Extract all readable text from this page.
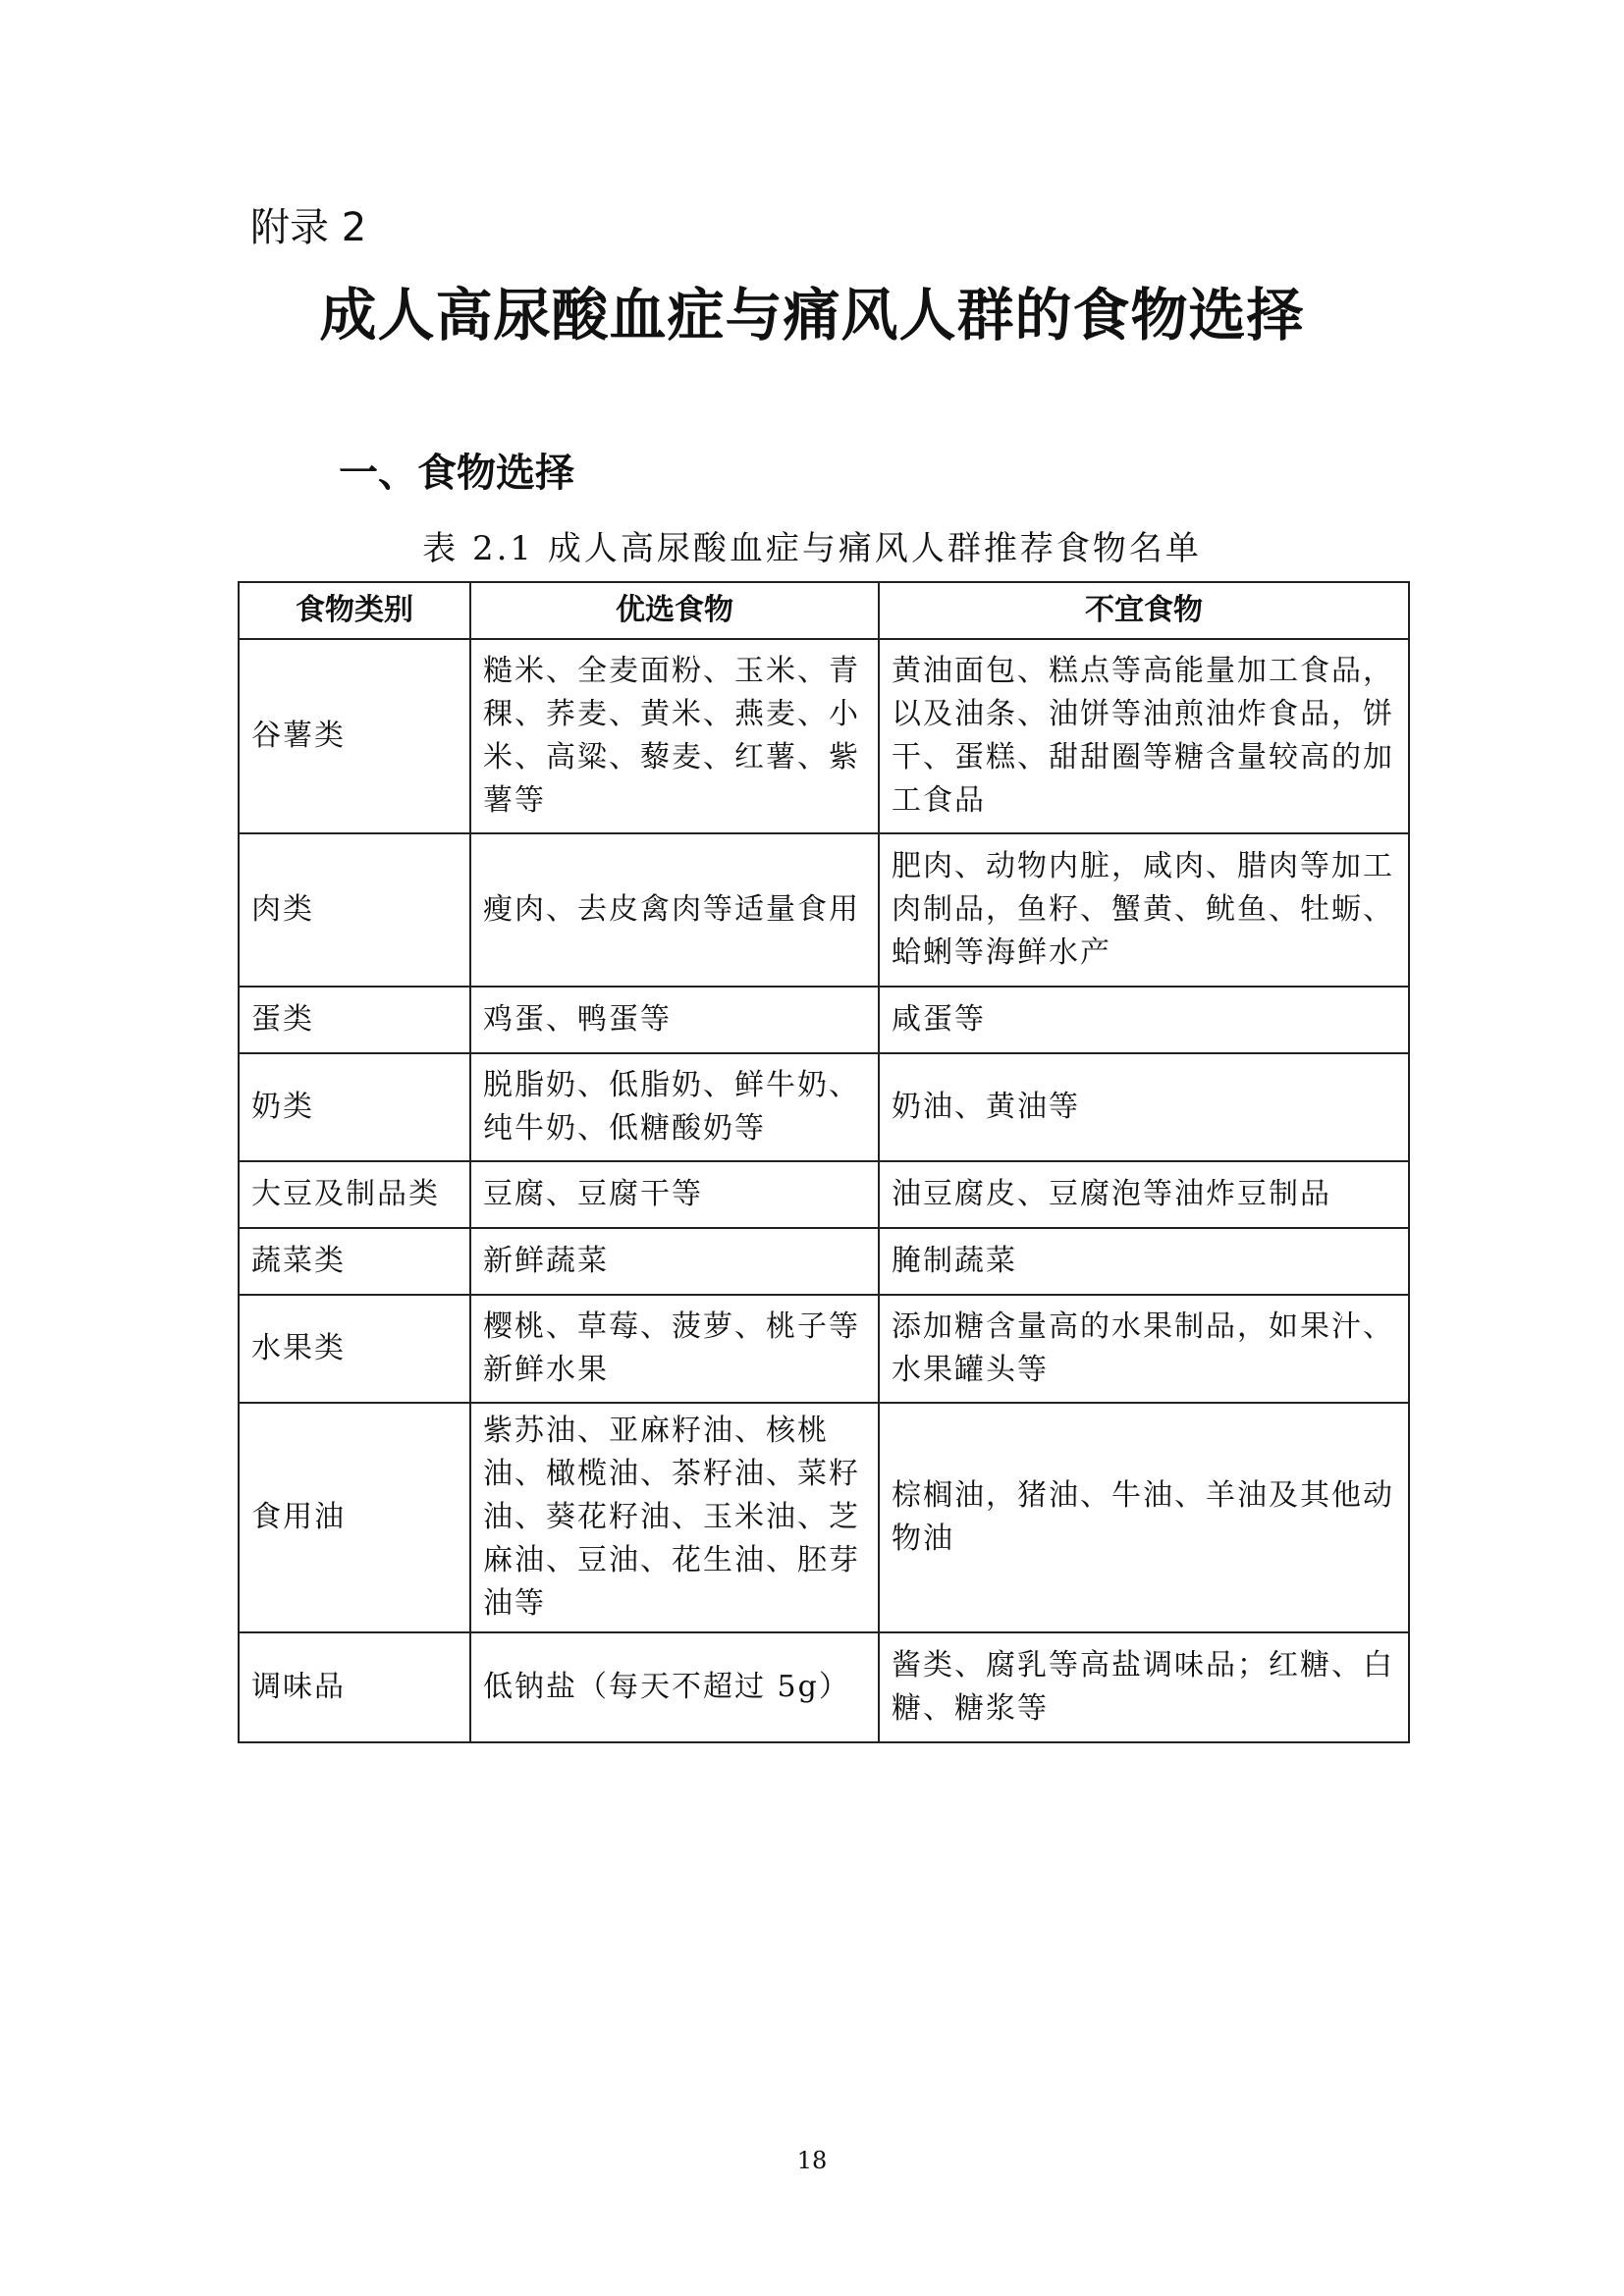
附录 2
成人高尿酸血症与痛风人群的食物选择
一、食物选择
表 2.1 成人高尿酸血症与痛风人群推荐食物名单
食物类别	优选食物	不宜食物
谷薯类	糙米、全麦面粉、玉米、青稞、荞麦、黄米、燕麦、小米、高粱、藜麦、红薯、紫薯等	黄油面包、糕点等高能量加工食品，以及油条、油饼等油煎油炸食品，饼干、蛋糕、甜甜圈等糖含量较高的加工食品
肉类	瘦肉、去皮禽肉等适量食用	肥肉、动物内脏，咸肉、腊肉等加工肉制品，鱼籽、蟹黄、鱿鱼、牡蛎、蛤蜊等海鲜水产
蛋类	鸡蛋、鸭蛋等	咸蛋等
奶类	脱脂奶、低脂奶、鲜牛奶、纯牛奶、低糖酸奶等	奶油、黄油等
大豆及制品类	豆腐、豆腐干等	油豆腐皮、豆腐泡等油炸豆制品
蔬菜类	新鲜蔬菜	腌制蔬菜
水果类	樱桃、草莓、菠萝、桃子等新鲜水果	添加糖含量高的水果制品，如果汁、水果罐头等
食用油	紫苏油、亚麻籽油、核桃油、橄榄油、茶籽油、菜籽油、葵花籽油、玉米油、芝麻油、豆油、花生油、胚芽油等	棕榈油，猪油、牛油、羊油及其他动物油
调味品	低钠盐（每天不超过 5g）	酱类、腐乳等高盐调味品；红糖、白糖、糖浆等
18
